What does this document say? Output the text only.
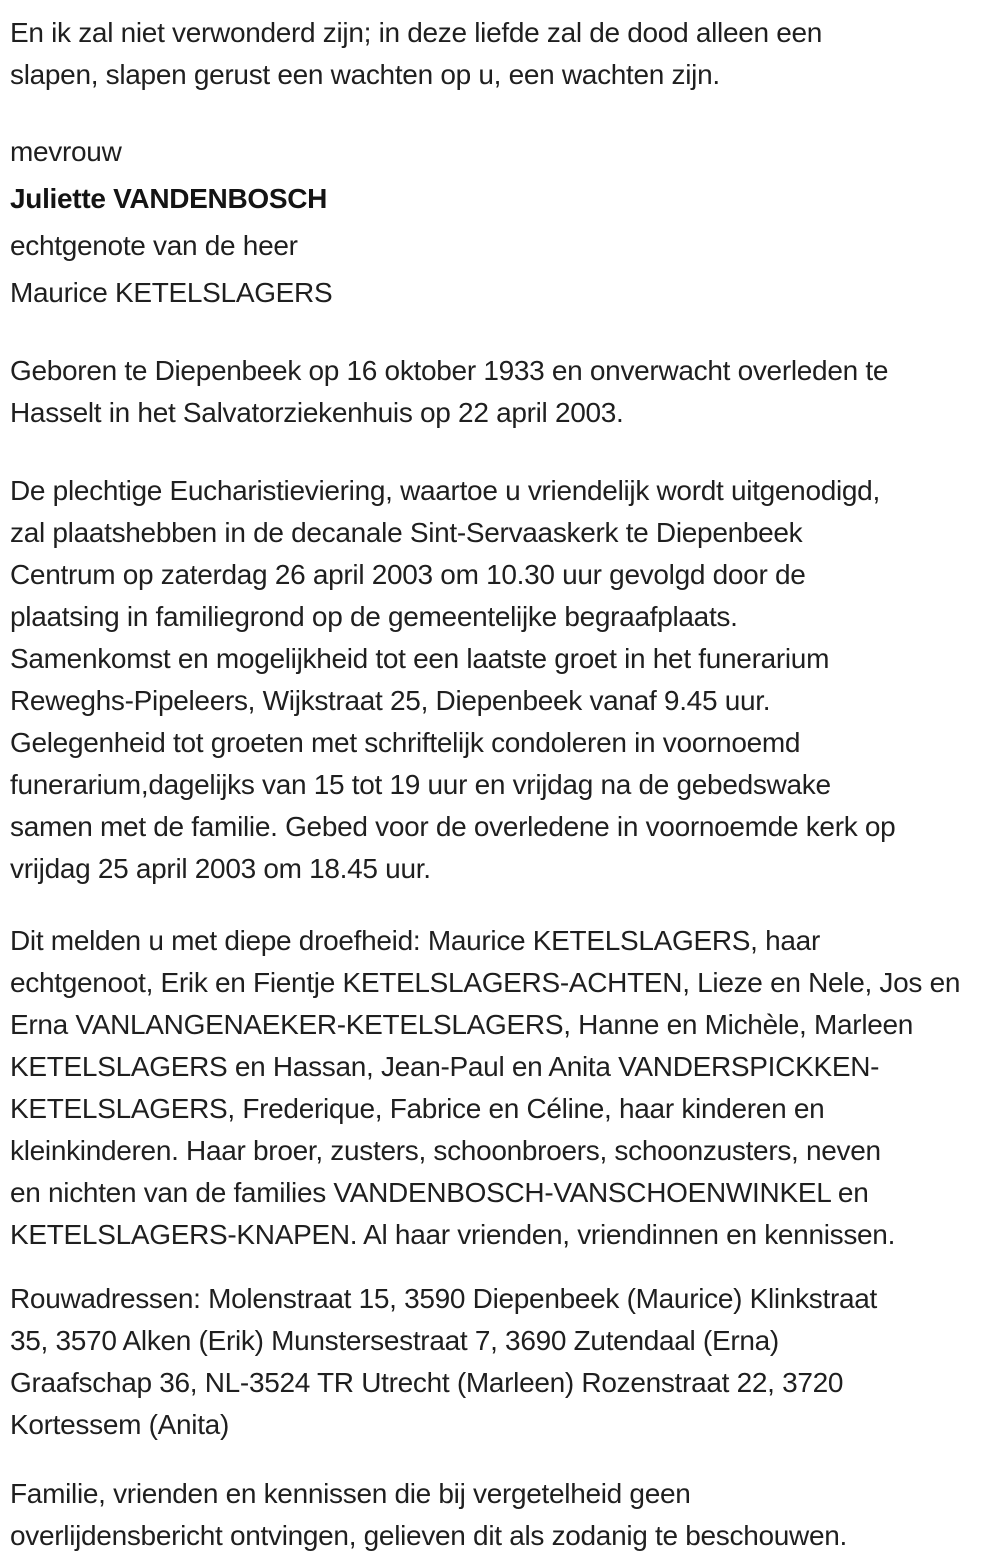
En ik zal niet verwonderd zijn; in deze liefde zal de dood alleen een
slapen, slapen gerust een wachten op u, een wachten zijn.
mevrouw
Juliette VANDENBOSCH
echtgenote van de heer
Maurice KETELSLAGERS
Geboren te Diepenbeek op 16 oktober 1933 en onverwacht overleden te
Hasselt in het Salvatorziekenhuis op 22 april 2003.
De plechtige Eucharistieviering, waartoe u vriendelijk wordt uitgenodigd,
zal plaatshebben in de decanale Sint-Servaaskerk te Diepenbeek
Centrum op zaterdag 26 april 2003 om 10.30 uur gevolgd door de
plaatsing in familiegrond op de gemeentelijke begraafplaats.
Samenkomst en mogelijkheid tot een laatste groet in het funerarium
Reweghs-Pipeleers, Wijkstraat 25, Diepenbeek vanaf 9.45 uur.
Gelegenheid tot groeten met schriftelijk condoleren in voornoemd
funerarium,dagelijks van 15 tot 19 uur en vrijdag na de gebedswake
samen met de familie. Gebed voor de overledene in voornoemde kerk op
vrijdag 25 april 2003 om 18.45 uur.
Dit melden u met diepe droefheid: Maurice KETELSLAGERS, haar
echtgenoot, Erik en Fientje KETELSLAGERS-ACHTEN, Lieze en Nele, Jos en
Erna VANLANGENAEKER-KETELSLAGERS, Hanne en Michèle, Marleen
KETELSLAGERS en Hassan, Jean-Paul en Anita VANDERSPICKKEN-
KETELSLAGERS, Frederique, Fabrice en Céline, haar kinderen en
kleinkinderen. Haar broer, zusters, schoonbroers, schoonzusters, neven
en nichten van de families VANDENBOSCH-VANSCHOENWINKEL en
KETELSLAGERS-KNAPEN. Al haar vrienden, vriendinnen en kennissen.
Rouwadressen: Molenstraat 15, 3590 Diepenbeek (Maurice) Klinkstraat
35, 3570 Alken (Erik) Munstersestraat 7, 3690 Zutendaal (Erna)
Graafschap 36, NL-3524 TR Utrecht (Marleen) Rozenstraat 22, 3720
Kortessem (Anita)
Familie, vrienden en kennissen die bij vergetelheid geen
overlijdensbericht ontvingen, gelieven dit als zodanig te beschouwen.
